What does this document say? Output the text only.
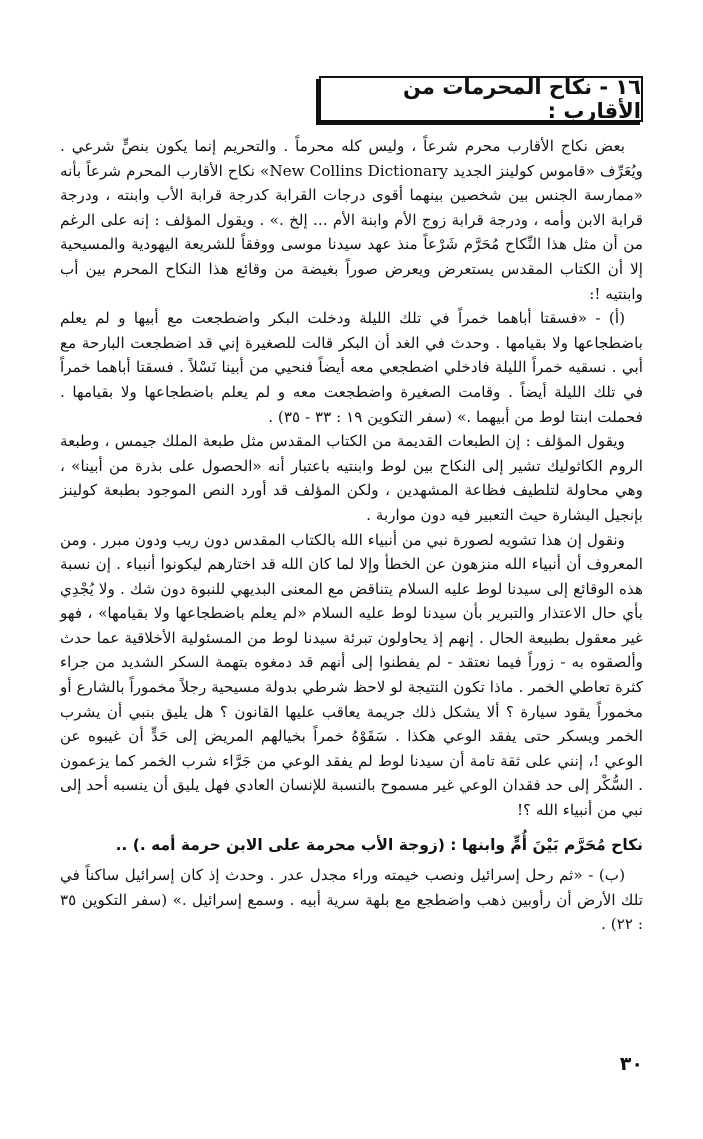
١٦ - نكاح المحرمات من الأقارب :

بعض نكاح الأقارب محرم شرعاً ، وليس كله محرماً . والتحريم إنما يكون بنصٍّ شرعي . ويُعَرِّف «قاموس كولينز الجديد New Collins Dictionary» نكاح الأقارب المحرم شرعاً بأنه «ممارسة الجنس بين شخصين بينهما أقوى درجات القرابة كدرجة قرابة الأب وابنته ، ودرجة قرابة الابن وأمه ، ودرجة قرابة زوج الأم وابنة الأم ... إلخ .» . ويقول المؤلف : إنه على الرغم من أن مثل هذا النِّكاح مُحَرَّم شَرْعاً منذ عهد سيدنا موسى ووفقاً للشريعة اليهودية والمسيحية إلا أن الكتاب المقدس يستعرض ويعرض صوراً بغيضة من وقائع هذا النكاح المحرم بين أب وابنتيه !:

(أ) - «فسقتا أباهما خمراً في تلك الليلة ودخلت البكر واضطجعت مع أبيها و لم يعلم باضطجاعها ولا بقيامها . وحدث في الغد أن البكر قالت للصغيرة إني قد اضطجعت البارحة مع أبي . نسقيه خمراً الليلة فادخلي اضطجعي معه أيضاً فنحيي من أبينا نَسْلاً . فسقتا أباهما خمراً في تلك الليلة أيضاً . وقامت الصغيرة واضطجعت معه و لم يعلم باضطجاعها ولا بقيامها . فحملت ابنتا لوط من أبيهما .» (سفر التكوين ١٩ : ٣٣ - ٣٥) .

ويقول المؤلف : إن الطبعات القديمة من الكتاب المقدس مثل طبعة الملك جيمس ، وطبعة الروم الكاثوليك تشير إلى النكاح بين لوط وابنتيه باعتبار أنه «الحصول على بذرة من أبينا» ، وهي محاولة لتلطيف فظاعة المشهدين ، ولكن المؤلف قد أورد النص الموجود بطبعة كولينز بإنجيل البشارة حيث التعبير فيه دون مواربة .

ونقول إن هذا تشويه لصورة نبي من أنبياء الله بالكتاب المقدس دون ريب ودون مبرر . ومن المعروف أن أنبياء الله منزهون عن الخطأ وإلا لما كان الله قد اختارهم ليكونوا أنبياء . إن نسبة هذه الوقائع إلى سيدنا لوط عليه السلام يتناقض مع المعنى البديهي للنبوة دون شك . ولا يُجْدِي بأي حال الاعتذار والتبرير بأن سيدنا لوط عليه السلام «لم يعلم باضطجاعها ولا بقيامها» ، فهو غير معقول بطبيعة الحال . إنهم إذ يحاولون تبرئة سيدنا لوط من المسئولية الأخلاقية عما حدث وألصقوه به - زوراً فيما نعتقد - لم يفطنوا إلى أنهم قد دمغوه بتهمة السكر الشديد من جراء كثرة تعاطي الخمر . ماذا تكون النتيجة لو لاحظ شرطي بدولة مسيحية رجلاً مخموراً بالشارع أو مخموراً يقود سيارة ؟ ألا يشكل ذلك جريمة يعاقب عليها القانون ؟ هل يليق بنبي أن يشرب الخمر ويسكر حتى يفقد الوعي هكذا . سَقَوْهُ خمراً بخيالهم المريض إلى حَدٍّ أن غيبوه عن الوعي !، إنني على ثقة تامة أن سيدنا لوط لم يفقد الوعي من جَرَّاء شرب الخمر كما يزعمون . السُّكْر إلى حد فقدان الوعي غير مسموح بالنسبة للإنسان العادي فهل يليق أن ينسبه أحد إلى نبي من أنبياء الله ؟!

نكاح مُحَرَّم بَيْنَ أُمٍّ وابنها : (زوجة الأب محرمة على الابن حرمة أمه .) ..

(ب) - «ثم رحل إسرائيل ونصب خيمته وراء مجدل عدر . وحدث إذ كان إسرائيل ساكناً في تلك الأرض أن رأوبين ذهب واضطجع مع بلهة سرية أبيه . وسمع إسرائيل .» (سفر التكوين ٣٥ : ٢٢) .

٣٠
